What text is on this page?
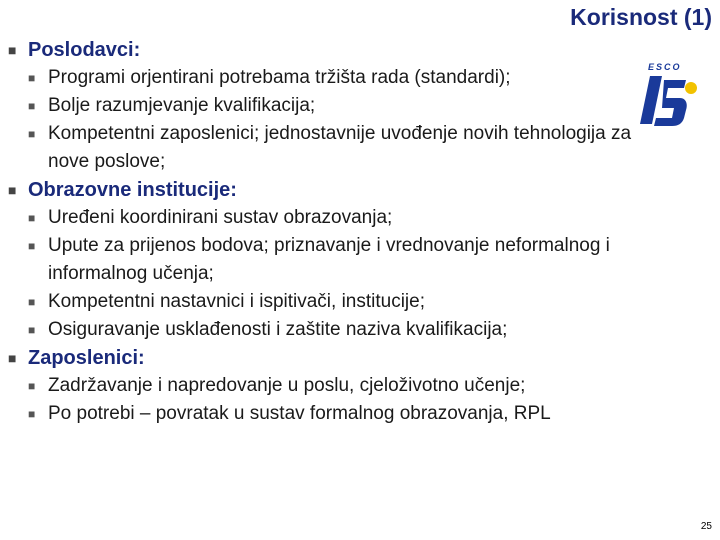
Korisnost (1)
ESCO
■ Poslodavci:
■ Programi orjentirani potrebama tržišta rada (standardi);
■ Bolje razumjevanje kvalifikacija;
■ Kompetentni zaposlenici; jednostavnije uvođenje novih tehnologija za nove poslove;
■ Obrazovne institucije:
■ Uređeni koordinirani sustav obrazovanja;
■ Upute za prijenos bodova; priznavanje i vrednovanje neformalnog i informalnog učenja;
■ Kompetentni nastavnici i ispitivači, institucije;
■ Osiguravanje usklađenosti i zaštite naziva kvalifikacija;
■ Zaposlenici:
■ Zadržavanje i napredovanje u poslu, cjeloživotno učenje;
■ Po potrebi – povratak u sustav formalnog obrazovanja, RPL
25
